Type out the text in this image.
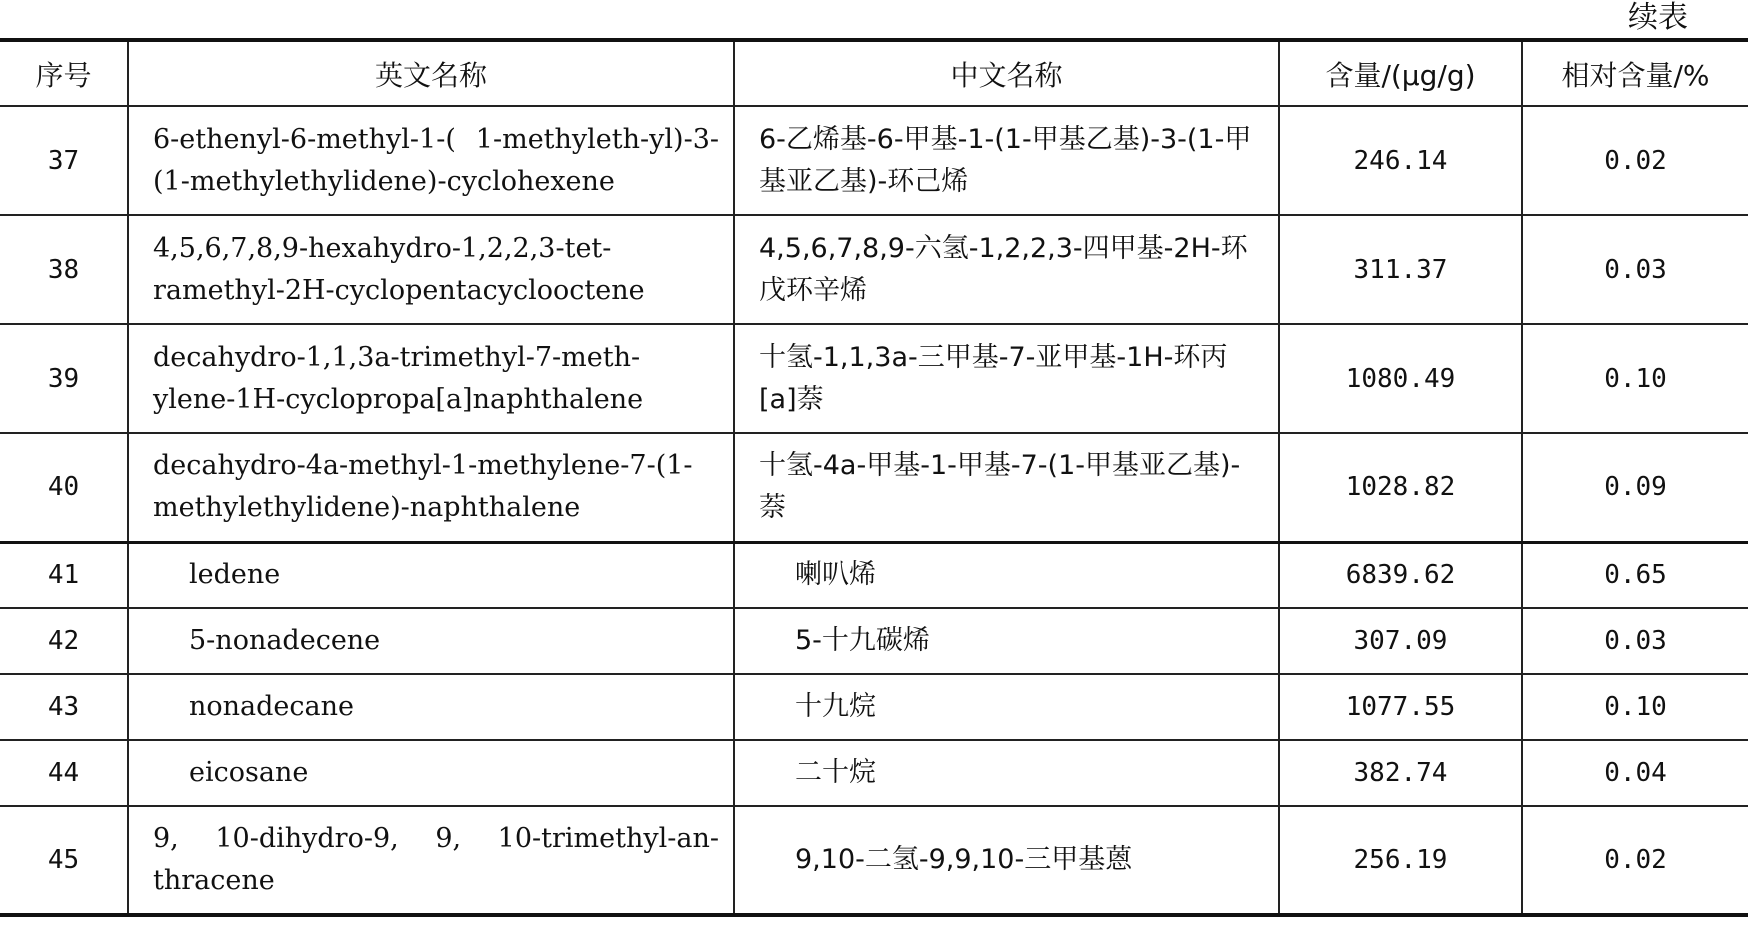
续表
序号	英文名称	中文名称	含量/(μg/g)	相对含量/%
37	6-ethenyl-6-methyl-1-( 1-methyleth-yl)-3-(1-methylethylidene)-cyclohexene	6-乙烯基-6-甲基-1-(1-甲基乙基)-3-(1-甲基亚乙基)-环己烯	246.14	0.02
38	4,5,6,7,8,9-hexahydro-1,2,2,3-tet-ramethyl-2H-cyclopentacyclooctene	4,5,6,7,8,9-六氢-1,2,2,3-四甲基-2H-环戊环辛烯	311.37	0.03
39	decahydro-1,1,3a-trimethyl-7-meth-ylene-1H-cyclopropa[a]naphthalene	十氢-1,1,3a-三甲基-7-亚甲基-1H-环丙[a]萘	1080.49	0.10
40	decahydro-4a-methyl-1-methylene-7-(1-methylethylidene)-naphthalene	十氢-4a-甲基-1-甲基-7-(1-甲基亚乙基)-萘	1028.82	0.09
41	ledene	喇叭烯	6839.62	0.65
42	5-nonadecene	5-十九碳烯	307.09	0.03
43	nonadecane	十九烷	1077.55	0.10
44	eicosane	二十烷	382.74	0.04
45	9, 10-dihydro-9, 9, 10-trimethyl-an-thracene	9,10-二氢-9,9,10-三甲基蒽	256.19	0.02
